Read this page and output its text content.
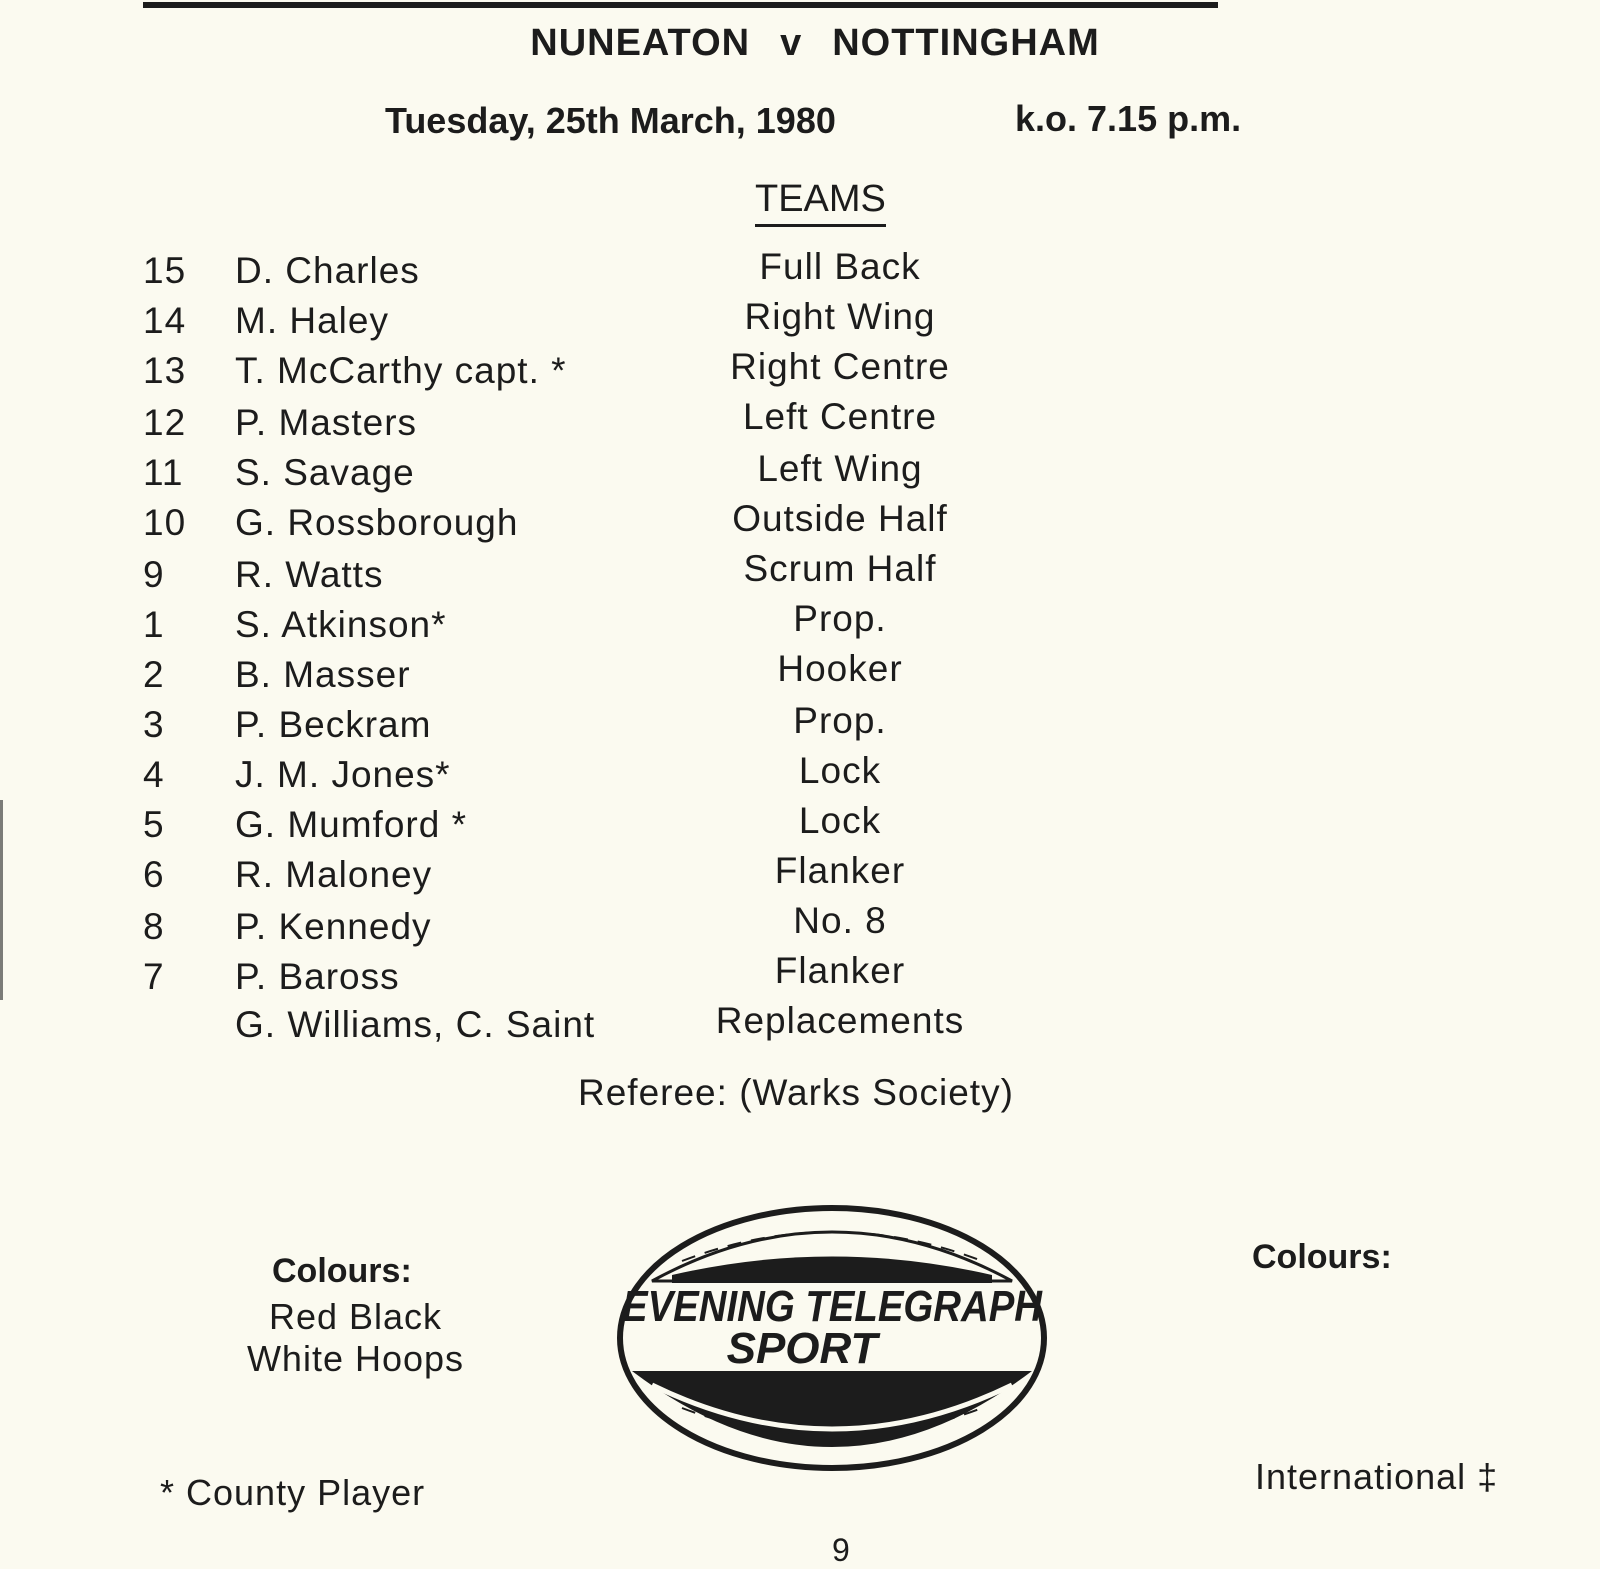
NUNEATON v NOTTINGHAM
Tuesday, 25th March, 1980	k.o. 7.15 p.m.
TEAMS
15 D. Charles	Full Back
14 M. Haley	Right Wing
13 T. McCarthy capt. *	Right Centre
12 P. Masters	Left Centre
11 S. Savage	Left Wing
10 G. Rossborough	Outside Half
9 R. Watts	Scrum Half
1 S. Atkinson*	Prop.
2 B. Masser	Hooker
3 P. Beckram	Prop.
4 J. M. Jones*	Lock
5 G. Mumford *	Lock
6 R. Maloney	Flanker
8 P. Kennedy	No. 8
7 P. Baross	Flanker
G. Williams, C. Saint	Replacements
Referee: (Warks Society)
Colours:
Red Black
White Hoops
EVENING TELEGRAPH
SPORT
Colours:
* County Player	International ‡
9
